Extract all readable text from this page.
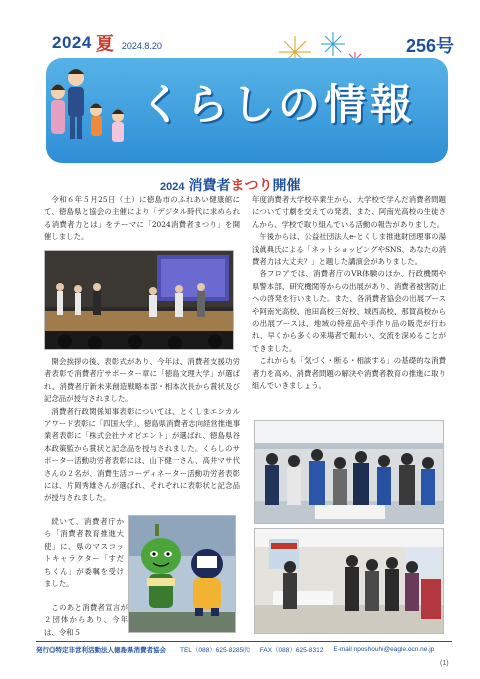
2024 夏 2024.8.20	256号
くらしの情報
2024 消費者まつり開催

令和６年５月25日（土）に徳島市のふれあい健康館にて、徳島県と協会の主催により「デジタル時代に求められる消費者力とは」をテーマに「2024消費者まつり」を開催しました。

開会挨拶の後、表彰式があり、今年は、消費者支援功労者表彰で消費者庁サポーター章に「徳島文理大学」が選ばれ、消費者庁新未来創造戦略本部・相本次長から賞状及び記念品が授与されました。

消費者行政関係知事表彰については、とくしまエシカルアワード表彰に「四国大学」、徳島県消費者志向経営推進事業者表彰に「株式会社ナオビエント」が選ばれ、徳島県谷本政策監から賞状と記念品を授与されました。くらしのサポーター活動功労者表彰には、山下健一さん、高井マサ代さんの２名が、消費生活コーディネーター活動功労者表彰には、片岡秀雄さんが選ばれ、それぞれに表彰状と記念品が授与されました。

続いて、消費者庁から「消費者教育推進大使」に、県のマスコットキャラクター「すだちくん」が委嘱を受けました。

このあと消費者宣言が２団体からあり、今年は、令和５

年度消費者大学校卒業生から、大学校で学んだ消費者問題について寸劇を交えての発表、また、阿南光高校の生徒さんから、学校で取り組んでいる活動の報告がありました。

午後からは、公益社団法人e-とくしま推進財団理事の湯浅眞典氏による「ネットショッピングやSNS、あなたの消費者力は大丈夫？」と題した講演会がありました。

各フロアでは、消費者庁のVR体験のほか、行政機関や県警本部、研究機関等からの出展があり、消費者被害防止への啓発を行いました。また、各消費者協会の出展ブースや阿南光高校、池田高校三好校、城西高校、那賀高校からの出展ブースは、地域の特産品や手作り品の販売が行われ、早くから多くの来場者で賑わい、交流を深めることができました。

これからも「気づく・断る・相談する」の基礎的な消費者力を高め、消費者問題の解決や消費者教育の推進に取り組んでいきましょう。

発行◎特定非営利活動法人徳島県消費者協会 TEL（088）625-8285㈹ FAX（088）625-8312 E-mail nposhouhi@eagle.ocn.ne.jp
(1)
